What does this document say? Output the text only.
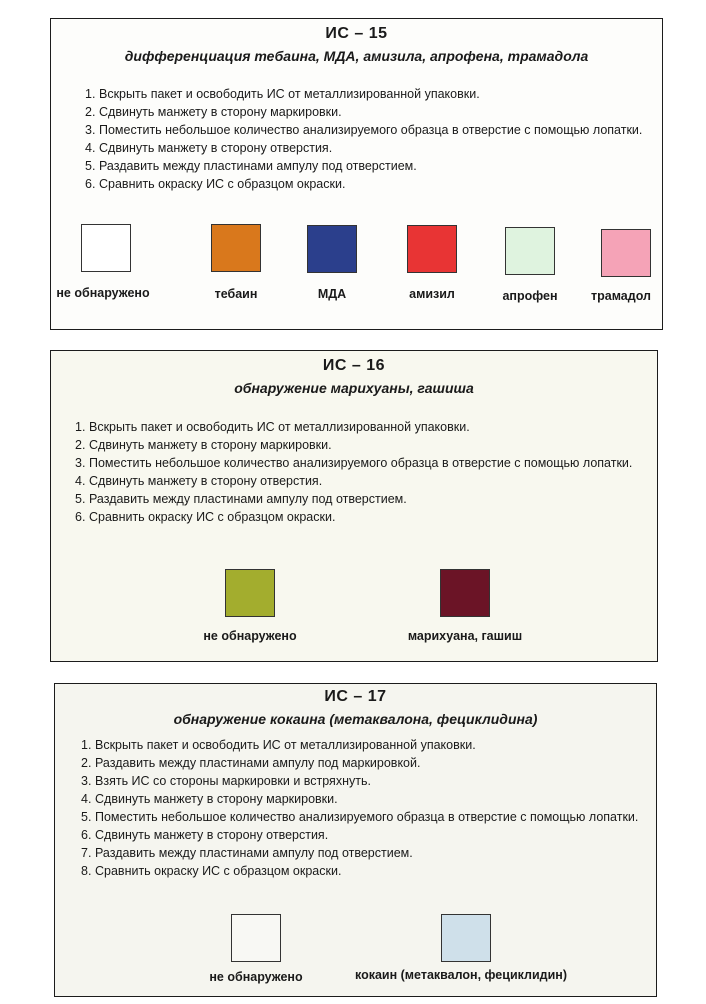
ИС – 15
дифференциация тебаина, МДА, амизила, апрофена, трамадола
1. Вскрыть пакет и освободить ИС от металлизированной упаковки.
2. Сдвинуть манжету в сторону маркировки.
3. Поместить небольшое количество анализируемого образца в отверстие с помощью лопатки.
4. Сдвинуть манжету в сторону отверстия.
5. Раздавить между пластинами ампулу под отверстием.
6. Сравнить окраску ИС с образцом окраски.
не обнаружено	тебаин	МДА	амизил	апрофен	трамадол
ИС – 16
обнаружение марихуаны, гашиша
1. Вскрыть пакет и освободить ИС от металлизированной упаковки.
2. Сдвинуть манжету в сторону маркировки.
3. Поместить небольшое количество анализируемого образца в отверстие с помощью лопатки.
4. Сдвинуть манжету в сторону отверстия.
5. Раздавить между пластинами ампулу под отверстием.
6. Сравнить окраску ИС с образцом окраски.
не обнаружено	марихуана, гашиш
ИС – 17
обнаружение кокаина (метаквалона, фециклидина)
1. Вскрыть пакет и освободить ИС от металлизированной упаковки.
2. Раздавить между пластинами ампулу под маркировкой.
3. Взять ИС со стороны маркировки и встряхнуть.
4. Сдвинуть манжету в сторону маркировки.
5. Поместить небольшое количество анализируемого образца в отверстие с помощью лопатки.
6. Сдвинуть манжету в сторону отверстия.
7. Раздавить между пластинами ампулу под отверстием.
8. Сравнить окраску ИС с образцом окраски.
не обнаружено	кокаин (метаквалон, фециклидин)
